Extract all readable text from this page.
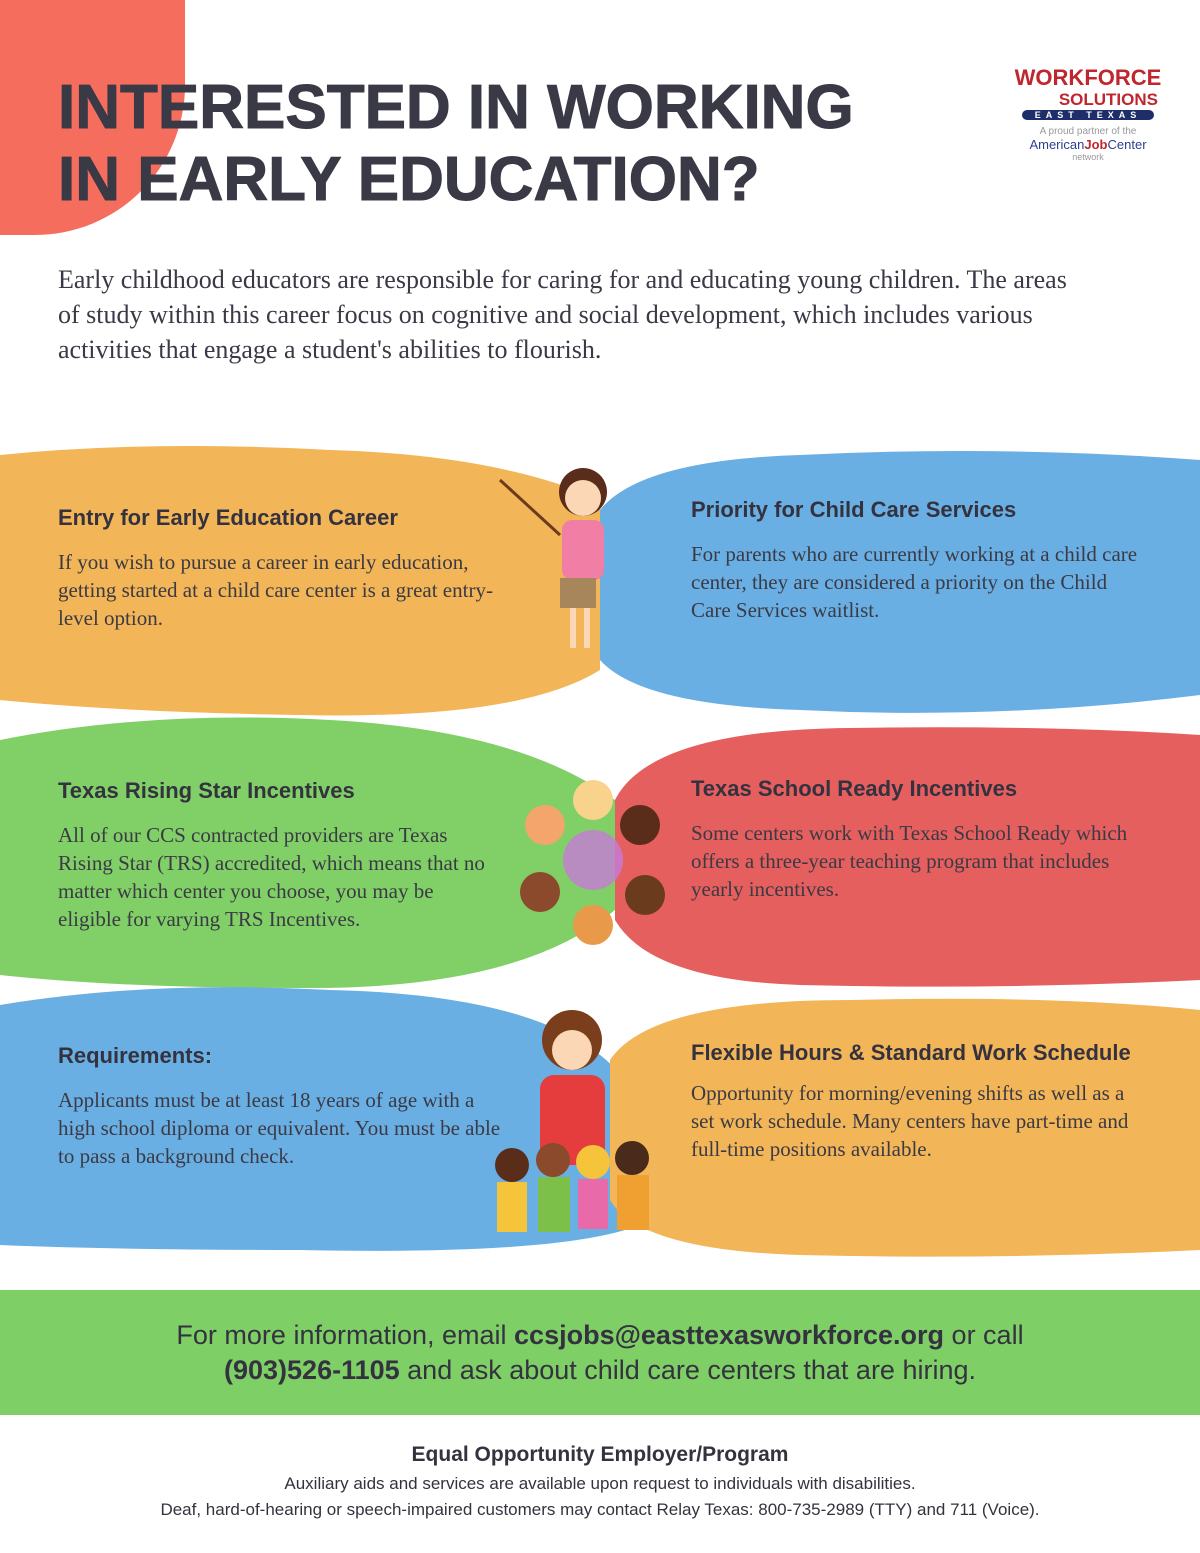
INTERESTED IN WORKING
IN EARLY EDUCATION?
WORKFORCE
SOLUTIONS
EAST TEXAS
A proud partner of the
AmericanJobCenter
network

Early childhood educators are responsible for caring for and educating young children. The areas of study within this career focus on cognitive and social development, which includes various activities that engage a student's abilities to flourish.

Entry for Early Education Career

If you wish to pursue a career in early education, getting started at a child care center is a great entry-level option.

Priority for Child Care Services

For parents who are currently working at a child care center, they are considered a priority on the Child Care Services waitlist.

Texas Rising Star Incentives

All of our CCS contracted providers are Texas Rising Star (TRS) accredited, which means that no matter which center you choose, you may be eligible for varying TRS Incentives.

Texas School Ready Incentives

Some centers work with Texas School Ready which offers a three-year teaching program that includes yearly incentives.

Requirements:

Applicants must be at least 18 years of age with a high school diploma or equivalent. You must be able to pass a background check.

Flexible Hours & Standard Work Schedule

Opportunity for morning/evening shifts as well as a set work schedule. Many centers have part-time and full-time positions available.

For more information, email ccsjobs@easttexasworkforce.org or call
(903)526-1105 and ask about child care centers that are hiring.
Equal Opportunity Employer/Program
Auxiliary aids and services are available upon request to individuals with disabilities.
Deaf, hard-of-hearing or speech-impaired customers may contact Relay Texas: 800-735-2989 (TTY) and 711 (Voice).
